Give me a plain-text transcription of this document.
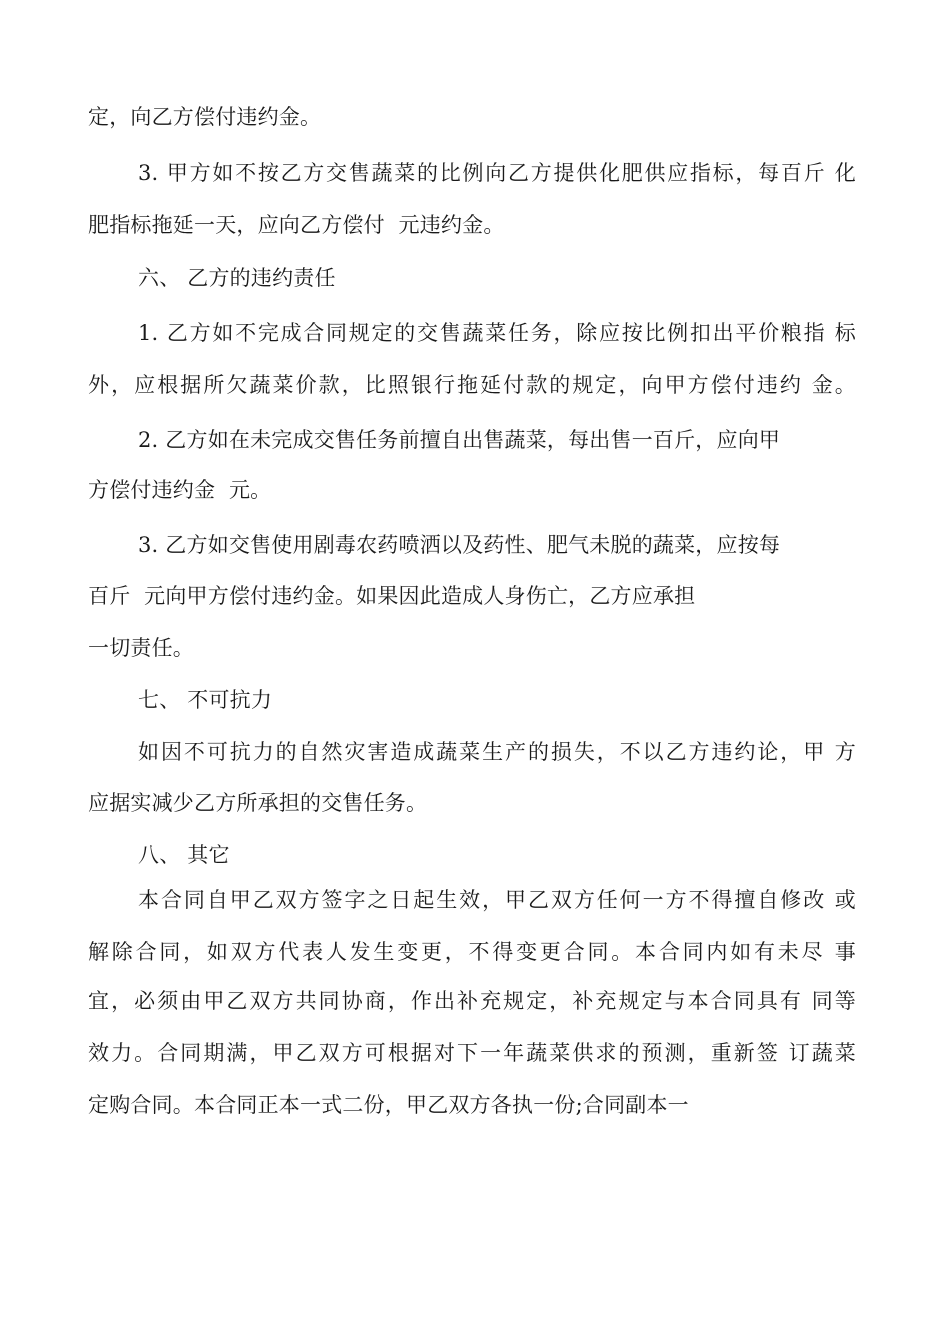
定，向乙方偿付违约金。
3. 甲方如不按乙方交售蔬菜的比例向乙方提供化肥供应指标，每百斤 化
肥指标拖延一天，应向乙方偿付  元违约金。
六、 乙方的违约责任
1. 乙方如不完成合同规定的交售蔬菜任务，除应按比例扣出平价粮指 标
外，应根据所欠蔬菜价款，比照银行拖延付款的规定，向甲方偿付违约 金。
2. 乙方如在未完成交售任务前擅自出售蔬菜，每出售一百斤，应向甲
方偿付违约金  元。
3. 乙方如交售使用剧毒农药喷洒以及药性、肥气未脱的蔬菜，应按每
百斤  元向甲方偿付违约金。如果因此造成人身伤亡，乙方应承担
一切责任。
七、 不可抗力
如因不可抗力的自然灾害造成蔬菜生产的损失，不以乙方违约论，甲 方
应据实减少乙方所承担的交售任务。
八、 其它
本合同自甲乙双方签字之日起生效，甲乙双方任何一方不得擅自修改 或
解除合同，如双方代表人发生变更，不得变更合同。本合同内如有未尽 事
宜，必须由甲乙双方共同协商，作出补充规定，补充规定与本合同具有 同等
效力。合同期满，甲乙双方可根据对下一年蔬菜供求的预测，重新签 订蔬菜
定购合同。本合同正本一式二份，甲乙双方各执一份;合同副本一
